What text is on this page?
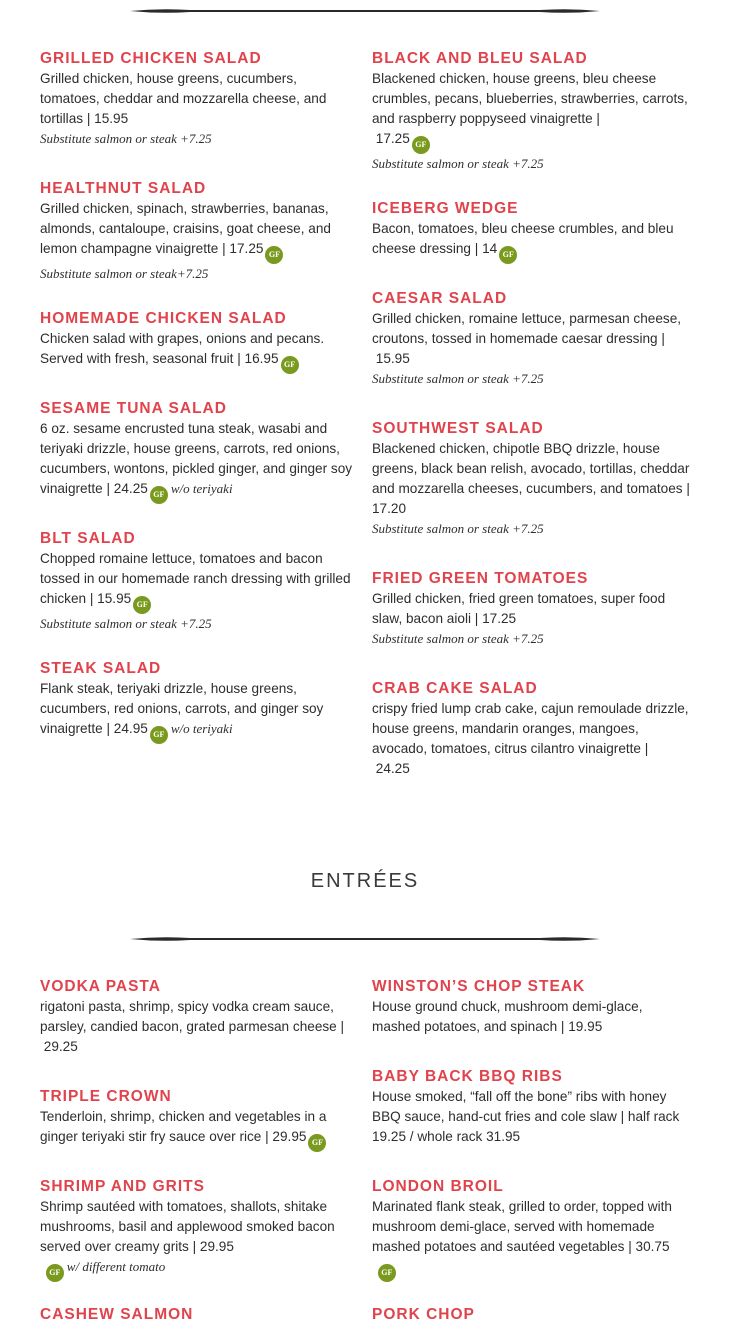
GRILLED CHICKEN SALAD
Grilled chicken, house greens, cucumbers, tomatoes, cheddar and mozzarella cheese, and tortillas | 15.95
Substitute salmon or steak +7.25
HEALTHNUT SALAD
Grilled chicken, spinach, strawberries, bananas, almonds, cantaloupe, craisins, goat cheese, and lemon champagne vinaigrette | 17.25 GF
Substitute salmon or steak+7.25
HOMEMADE CHICKEN SALAD
Chicken salad with grapes, onions and pecans. Served with fresh, seasonal fruit | 16.95 GF
SESAME TUNA SALAD
6 oz. sesame encrusted tuna steak, wasabi and teriyaki drizzle, house greens, carrots, red onions, cucumbers, wontons, pickled ginger, and ginger soy vinaigrette | 24.25 GF w/o teriyaki
BLT SALAD
Chopped romaine lettuce, tomatoes and bacon tossed in our homemade ranch dressing with grilled chicken | 15.95 GF
Substitute salmon or steak +7.25
STEAK SALAD
Flank steak, teriyaki drizzle, house greens, cucumbers, red onions, carrots, and ginger soy vinaigrette | 24.95 GF w/o teriyaki
BLACK AND BLEU SALAD
Blackened chicken, house greens, bleu cheese crumbles, pecans, blueberries, strawberries, carrots, and raspberry poppyseed vinaigrette |
17.25 GF
Substitute salmon or steak +7.25
ICEBERG WEDGE
Bacon, tomatoes, bleu cheese crumbles, and bleu cheese dressing | 14 GF
CAESAR SALAD
Grilled chicken, romaine lettuce, parmesan cheese, croutons, tossed in homemade caesar dressing |
15.95
Substitute salmon or steak +7.25
SOUTHWEST SALAD
Blackened chicken, chipotle BBQ drizzle, house greens, black bean relish, avocado, tortillas, cheddar and mozzarella cheeses, cucumbers, and tomatoes | 17.20
Substitute salmon or steak +7.25
FRIED GREEN TOMATOES
Grilled chicken, fried green tomatoes, super food slaw, bacon aioli | 17.25
Substitute salmon or steak +7.25
CRAB CAKE SALAD
crispy fried lump crab cake, cajun remoulade drizzle, house greens, mandarin oranges, mangoes, avocado, tomatoes, citrus cilantro vinaigrette |
24.25
ENTRÉES
VODKA PASTA
rigatoni pasta, shrimp, spicy vodka cream sauce, parsley, candied bacon, grated parmesan cheese |
29.25
TRIPLE CROWN
Tenderloin, shrimp, chicken and vegetables in a ginger teriyaki stir fry sauce over rice | 29.95 GF
SHRIMP AND GRITS
Shrimp sautéed with tomatoes, shallots, shitake mushrooms, basil and applewood smoked bacon served over creamy grits | 29.95
GF w/ different tomato
CASHEW SALMON
WINSTON’S CHOP STEAK
House ground chuck, mushroom demi-glace, mashed potatoes, and spinach | 19.95
BABY BACK BBQ RIBS
House smoked, “fall off the bone” ribs with honey BBQ sauce, hand-cut fries and cole slaw | half rack 19.25 / whole rack 31.95
LONDON BROIL
Marinated flank steak, grilled to order, topped with mushroom demi-glace, served with homemade mashed potatoes and sautéed vegetables | 30.75
GF
PORK CHOP
